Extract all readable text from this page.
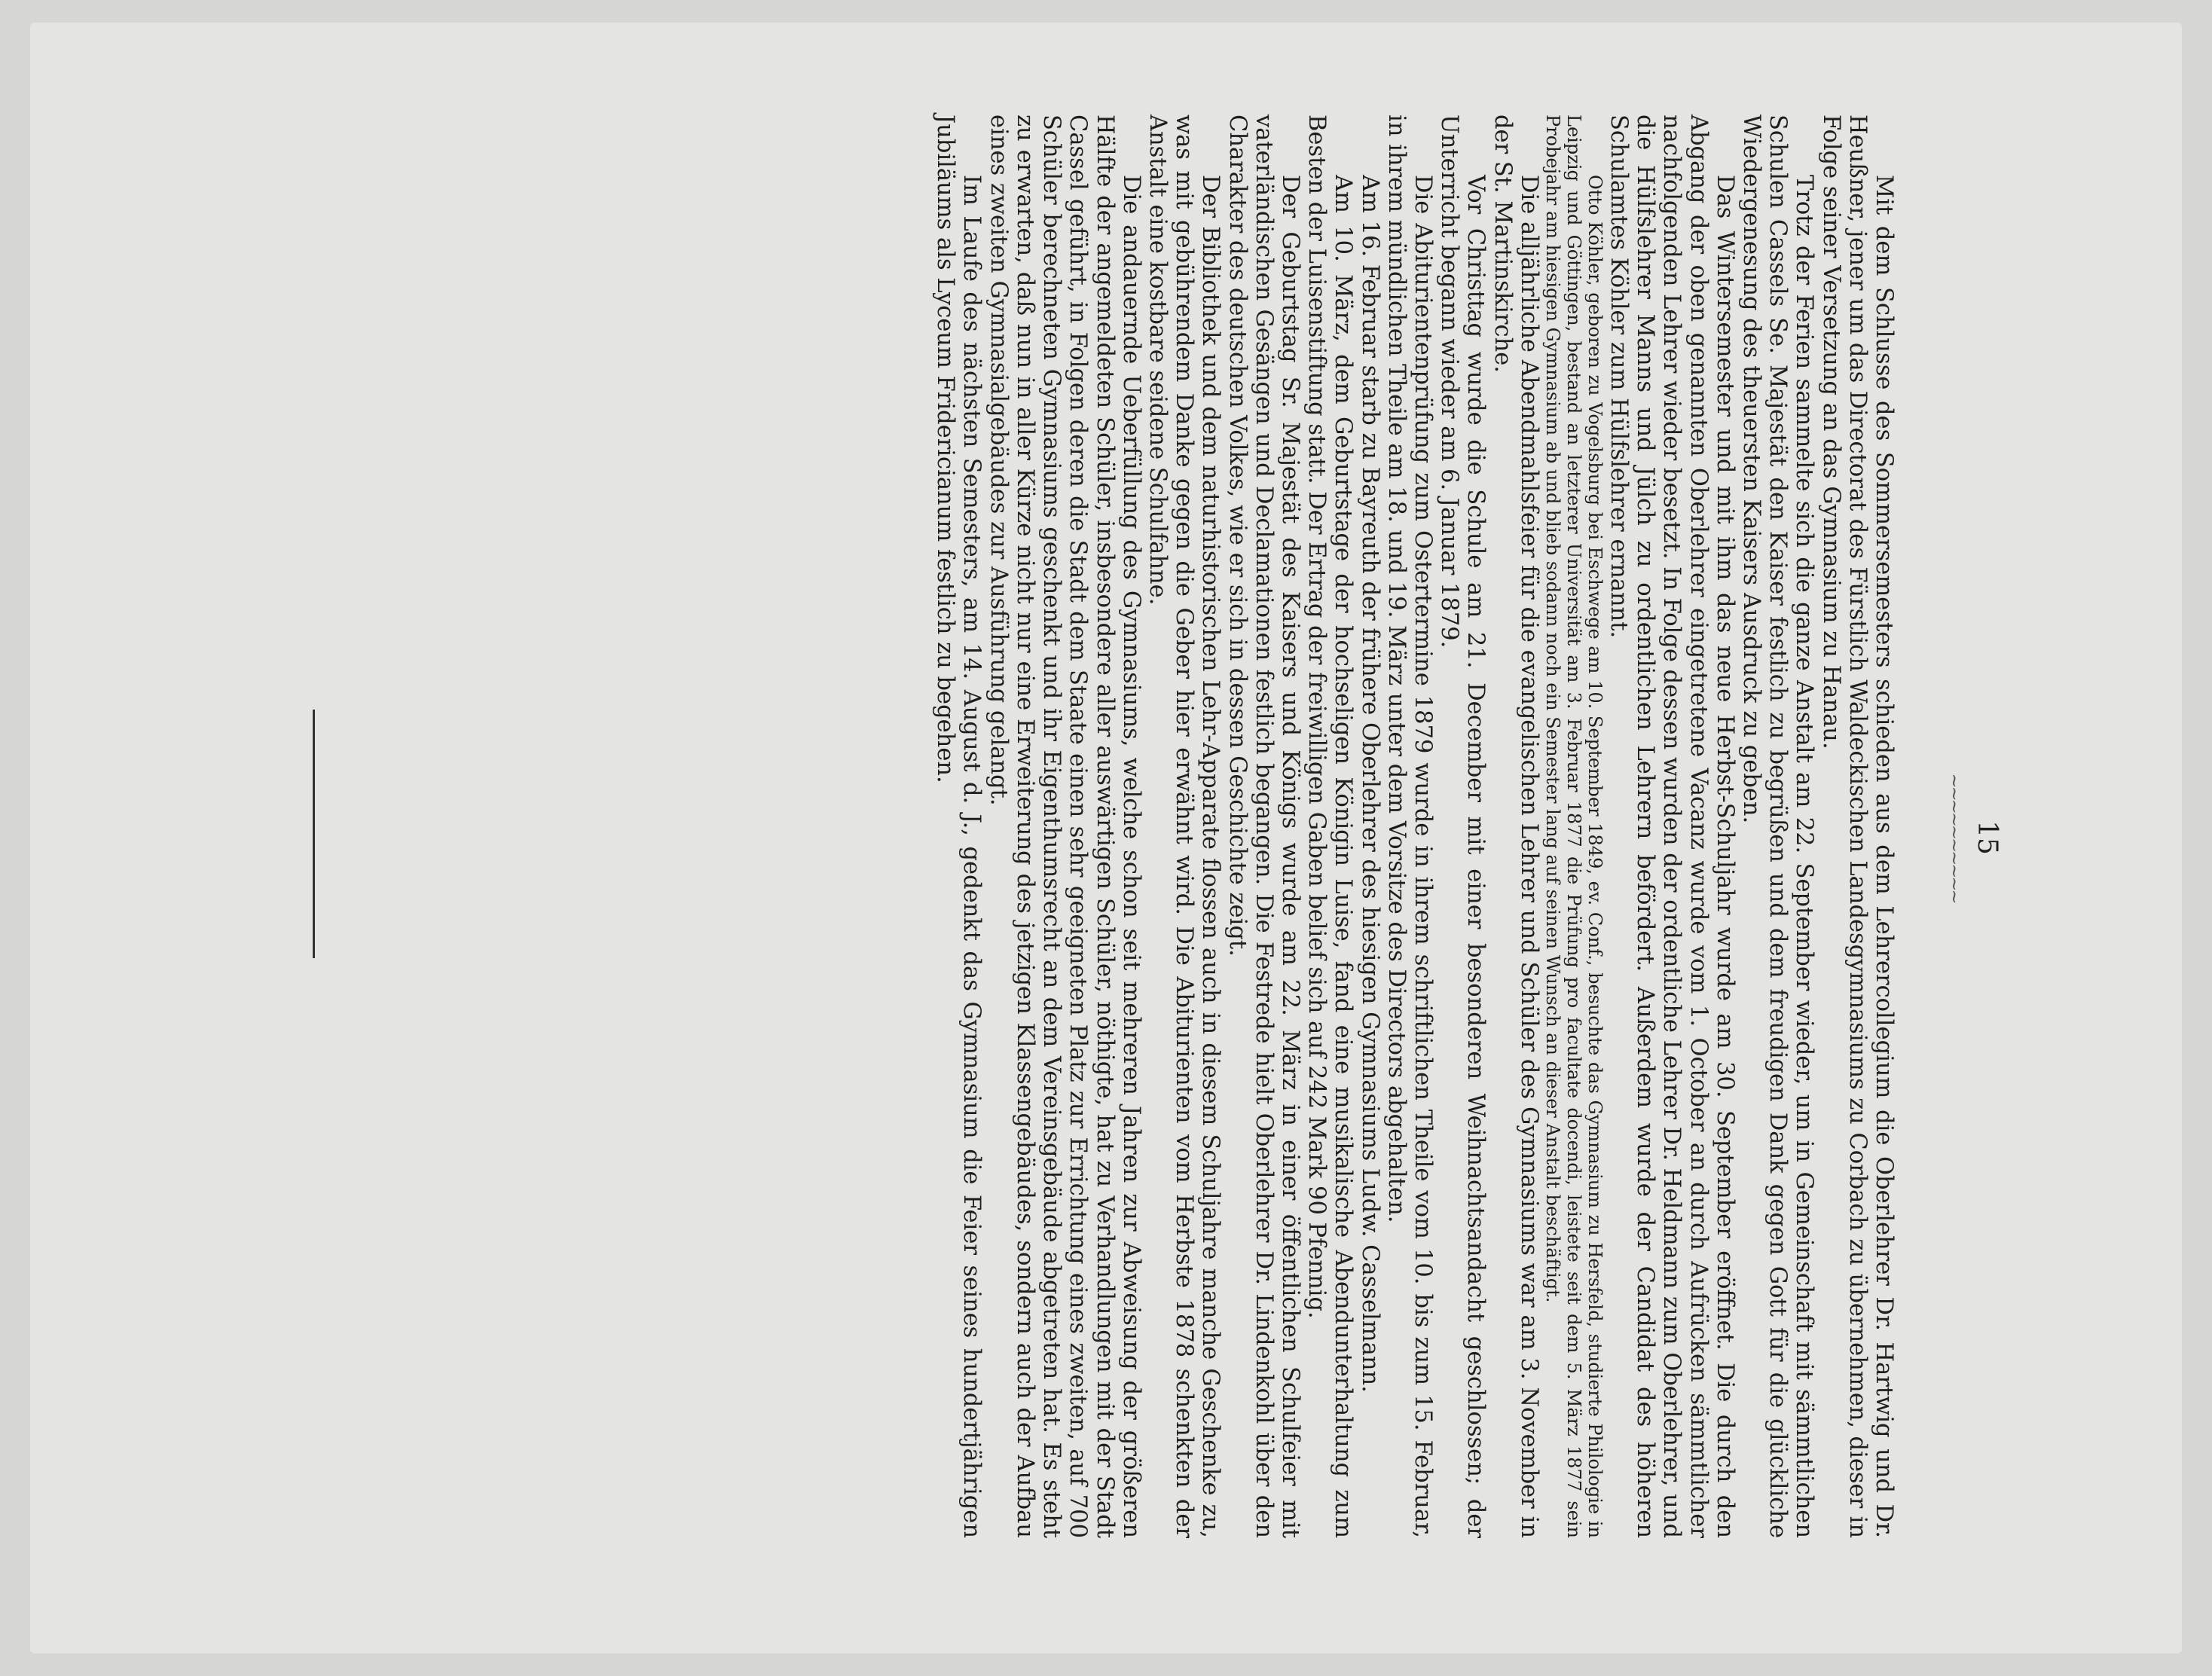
15
~~~~~~~~~~

Mit dem Schlusse des Sommersemesters schieden aus dem Lehrercollegium die Oberlehrer Dr. Hartwig und Dr. Heußner, jener um das Directorat des Fürstlich Waldeckischen Landesgymnasiums zu Corbach zu übernehmen, dieser in Folge seiner Versetzung an das Gymnasium zu Hanau.

Trotz der Ferien sammelte sich die ganze Anstalt am 22. September wieder, um in Gemeinschaft mit sämmtlichen Schulen Cassels Se. Majestät den Kaiser festlich zu begrüßen und dem freudigen Dank gegen Gott für die glückliche Wiedergenesung des theuersten Kaisers Ausdruck zu geben.

Das Wintersemester und mit ihm das neue Herbst-Schuljahr wurde am 30. September eröffnet. Die durch den Abgang der oben genannten Oberlehrer eingetretene Vacanz wurde vom 1. October an durch Aufrücken sämmtlicher nachfolgenden Lehrer wieder besetzt. In Folge dessen wurden der ordentliche Lehrer Dr. Heldmann zum Oberlehrer, und die Hülfslehrer Manns und Jülch zu ordentlichen Lehrern befördert. Außerdem wurde der Candidat des höheren Schulamtes Köhler zum Hülfslehrer ernannt.

Otto Köhler, geboren zu Vogelsburg bei Eschwege am 10. September 1849, ev. Conf., besuchte das Gymnasium zu Hersfeld, studierte Philologie in Leipzig und Göttingen, bestand an letzterer Universität am 3. Februar 1877 die Prüfung pro facultate docendi, leistete seit dem 5. März 1877 sein Probejahr am hiesigen Gymnasium ab und blieb sodann noch ein Semester lang auf seinen Wunsch an dieser Anstalt beschäftigt.

Die alljährliche Abendmahlsfeier für die evangelischen Lehrer und Schüler des Gymnasiums war am 3. November in der St. Martinskirche.

Vor Christtag wurde die Schule am 21. December mit einer besonderen Weihnachtsandacht geschlossen; der Unterricht begann wieder am 6. Januar 1879.

Die Abiturientenprüfung zum Ostertermine 1879 wurde in ihrem schriftlichen Theile vom 10. bis zum 15. Februar, in ihrem mündlichen Theile am 18. und 19. März unter dem Vorsitze des Directors abgehalten.

Am 16. Februar starb zu Bayreuth der frühere Oberlehrer des hiesigen Gymnasiums Ludw. Casselmann.

Am 10. März, dem Geburtstage der hochseligen Königin Luise, fand eine musikalische Abendunterhaltung zum Besten der Luisenstiftung statt. Der Ertrag der freiwilligen Gaben belief sich auf 242 Mark 90 Pfennig.

Der Geburtstag Sr. Majestät des Kaisers und Königs wurde am 22. März in einer öffentlichen Schulfeier mit vaterländischen Gesängen und Declamationen festlich begangen. Die Festrede hielt Oberlehrer Dr. Lindenkohl über den Charakter des deutschen Volkes, wie er sich in dessen Geschichte zeigt.

Der Bibliothek und dem naturhistorischen Lehr-Apparate flossen auch in diesem Schuljahre manche Geschenke zu, was mit gebührendem Danke gegen die Geber hier erwähnt wird. Die Abiturienten vom Herbste 1878 schenkten der Anstalt eine kostbare seidene Schulfahne.

Die andauernde Ueberfüllung des Gymnasiums, welche schon seit mehreren Jahren zur Abweisung der größeren Hälfte der angemeldeten Schüler, insbesondere aller auswärtigen Schüler, nöthigte, hat zu Verhandlungen mit der Stadt Cassel geführt, in Folgen deren die Stadt dem Staate einen sehr geeigneten Platz zur Errichtung eines zweiten, auf 700 Schüler berechneten Gymnasiums geschenkt und ihr Eigenthumsrecht an dem Vereinsgebäude abgetreten hat. Es steht zu erwarten, daß nun in aller Kürze nicht nur eine Erweiterung des jetzigen Klassengebäudes, sondern auch der Aufbau eines zweiten Gymnasialgebäudes zur Ausführung gelangt.

Im Laufe des nächsten Semesters, am 14. August d. J., gedenkt das Gymnasium die Feier seines hundertjährigen Jubiläums als Lyceum Fridericianum festlich zu begehen.
